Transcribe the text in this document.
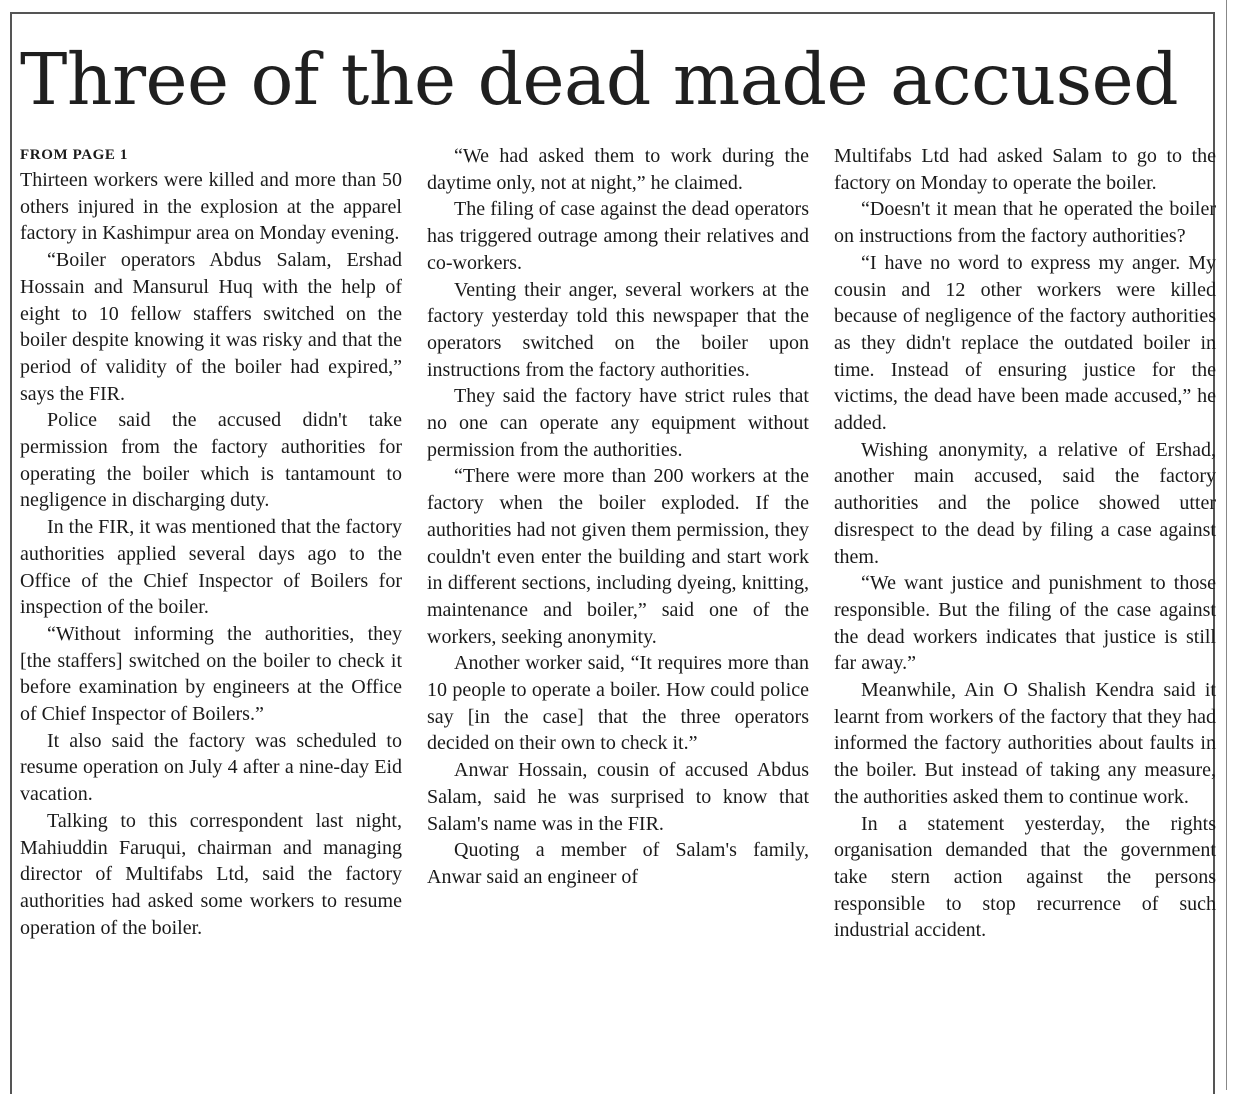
Three of the dead made accused
FROM PAGE 1

Thirteen workers were killed and more than 50 others injured in the explosion at the apparel factory in Kashimpur area on Monday evening.

“Boiler operators Abdus Salam, Ershad Hossain and Mansurul Huq with the help of eight to 10 fellow staffers switched on the boiler despite knowing it was risky and that the period of validity of the boiler had expired,” says the FIR.

Police said the accused didn't take permission from the factory authorities for operating the boiler which is tantamount to negligence in discharging duty.

In the FIR, it was mentioned that the factory authorities applied several days ago to the Office of the Chief Inspector of Boilers for inspection of the boiler.

“Without informing the authorities, they [the staffers] switched on the boiler to check it before examination by engineers at the Office of Chief Inspector of Boilers.”

It also said the factory was scheduled to resume operation on July 4 after a nine-day Eid vacation.

Talking to this correspondent last night, Mahiuddin Faruqui, chairman and managing director of Multifabs Ltd, said the factory authorities had asked some workers to resume operation of the boiler.

“We had asked them to work during the daytime only, not at night,” he claimed.

The filing of case against the dead operators has triggered outrage among their relatives and co-workers.

Venting their anger, several workers at the factory yesterday told this newspaper that the operators switched on the boiler upon instructions from the factory authorities.

They said the factory have strict rules that no one can operate any equipment without permission from the authorities.

“There were more than 200 workers at the factory when the boiler exploded. If the authorities had not given them permission, they couldn't even enter the building and start work in different sections, including dyeing, knitting, maintenance and boiler,” said one of the workers, seeking anonymity.

Another worker said, “It requires more than 10 people to operate a boiler. How could police say [in the case] that the three operators decided on their own to check it.”

Anwar Hossain, cousin of accused Abdus Salam, said he was surprised to know that Salam's name was in the FIR.

Quoting a member of Salam's family, Anwar said an engineer of

Multifabs Ltd had asked Salam to go to the factory on Monday to operate the boiler.

“Doesn't it mean that he operated the boiler on instructions from the factory authorities?

“I have no word to express my anger. My cousin and 12 other workers were killed because of negligence of the factory authorities as they didn't replace the outdated boiler in time. Instead of ensuring justice for the victims, the dead have been made accused,” he added.

Wishing anonymity, a relative of Ershad, another main accused, said the factory authorities and the police showed utter disrespect to the dead by filing a case against them.

“We want justice and punishment to those responsible. But the filing of the case against the dead workers indicates that justice is still far away.”

Meanwhile, Ain O Shalish Kendra said it learnt from workers of the factory that they had informed the factory authorities about faults in the boiler. But instead of taking any measure, the authorities asked them to continue work.

In a statement yesterday, the rights organisation demanded that the government take stern action against the persons responsible to stop recurrence of such industrial accident.
